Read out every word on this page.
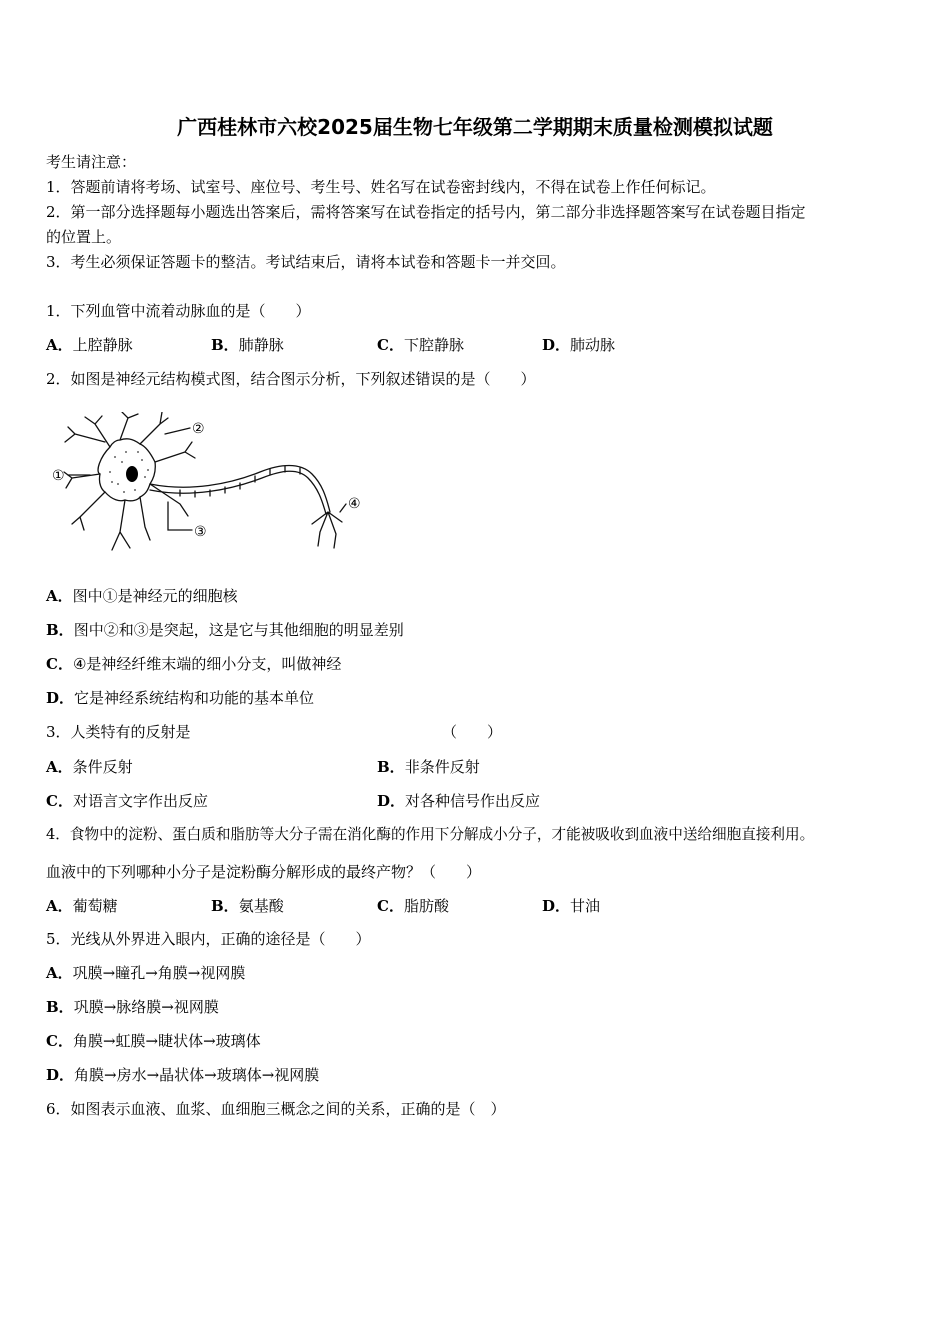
广西桂林市六校2025届生物七年级第二学期期末质量检测模拟试题
考生请注意：
1．答题前请将考场、试室号、座位号、考生号、姓名写在试卷密封线内，不得在试卷上作任何标记。
2．第一部分选择题每小题选出答案后，需将答案写在试卷指定的括号内，第二部分非选择题答案写在试卷题目指定
的位置上。
3．考生必须保证答题卡的整洁。考试结束后，请将本试卷和答题卡一并交回。
1．下列血管中流着动脉血的是（　　）
A．上腔静脉	B．肺静脉	C．下腔静脉	D．肺动脉
2．如图是神经元结构模式图，结合图示分析，下列叙述错误的是（　　）
①
②
③
④
A．图中①是神经元的细胞核
B．图中②和③是突起，这是它与其他细胞的明显差别
C．④是神经纤维末端的细小分支，叫做神经
D．它是神经系统结构和功能的基本单位
3．人类特有的反射是	（　　）
A．条件反射	B．非条件反射
C．对语言文字作出反应	D．对各种信号作出反应
4．食物中的淀粉、蛋白质和脂肪等大分子需在消化酶的作用下分解成小分子，才能被吸收到血液中送给细胞直接利用。
血液中的下列哪种小分子是淀粉酶分解形成的最终产物？（　　）
A．葡萄糖	B．氨基酸	C．脂肪酸	D．甘油
5．光线从外界进入眼内，正确的途径是（　　）
A．巩膜→瞳孔→角膜→视网膜
B．巩膜→脉络膜→视网膜
C．角膜→虹膜→睫状体→玻璃体
D．角膜→房水→晶状体→玻璃体→视网膜
6．如图表示血液、血浆、血细胞三概念之间的关系，正确的是（　）
